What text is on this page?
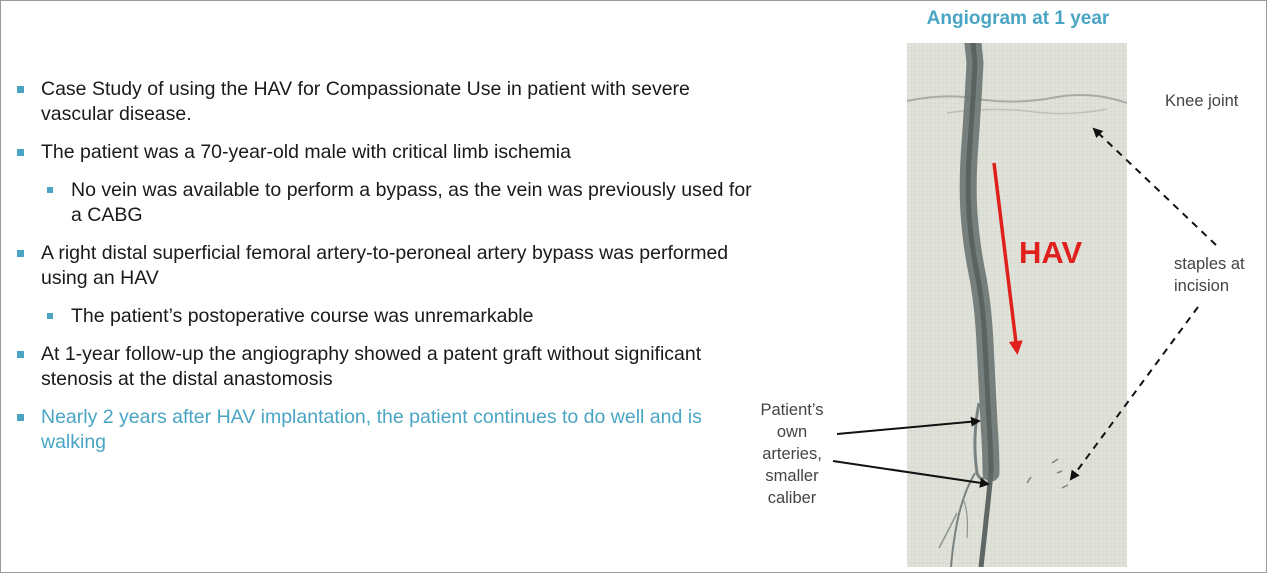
Case Study of using the HAV for Compassionate Use in patient with severe vascular disease.
The patient was a 70-year-old male with critical limb ischemia
No vein was available to perform a bypass, as the vein was previously used for a CABG
A right distal superficial femoral artery-to-peroneal artery bypass was performed using an HAV
The patient’s postoperative course was unremarkable
At 1-year follow-up the angiography showed a patent graft without significant stenosis at the distal anastomosis
Nearly 2 years after HAV implantation, the patient continues to do well and is walking
Angiogram at 1 year
Knee joint
staples at incision
Patient’s own arteries, smaller caliber
HAV
